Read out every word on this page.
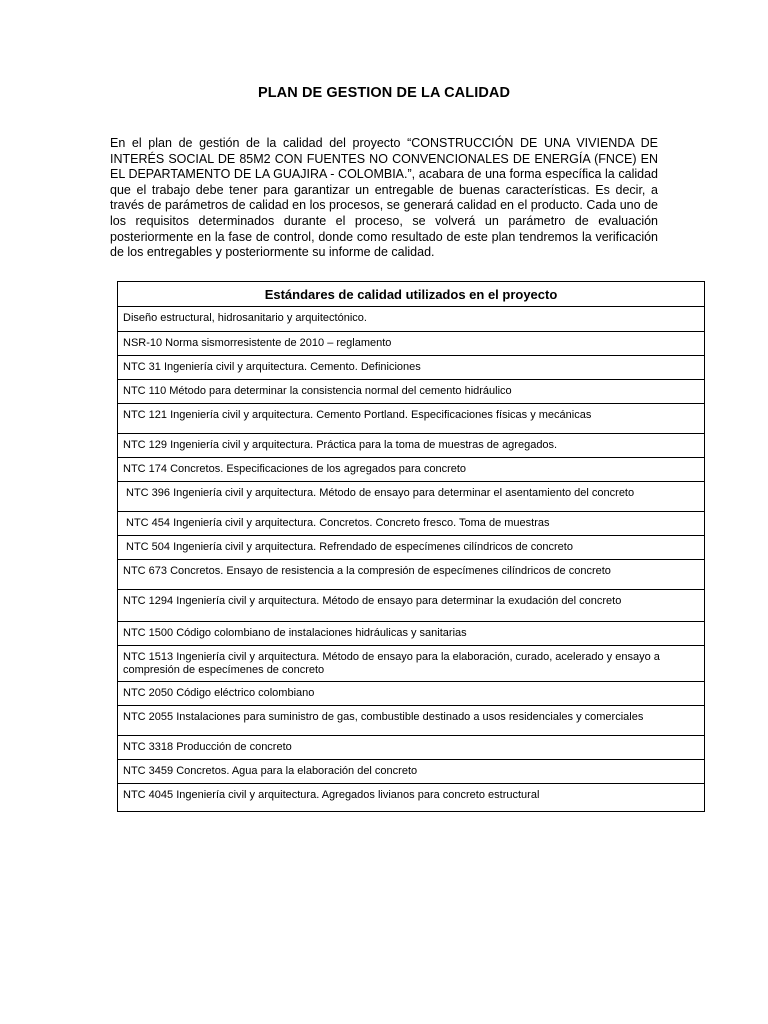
PLAN DE GESTION DE LA CALIDAD

En el plan de gestión de la calidad del proyecto “CONSTRUCCIÓN DE UNA VIVIENDA DE INTERÉS SOCIAL DE 85M2 CON FUENTES NO CONVENCIONALES DE ENERGÍA (FNCE) EN EL DEPARTAMENTO DE LA GUAJIRA - COLOMBIA.”, acabara de una forma específica la calidad que el trabajo debe tener para garantizar un entregable de buenas características. Es decir, a través de parámetros de calidad en los procesos, se generará calidad en el producto. Cada uno de los requisitos determinados durante el proceso, se volverá un parámetro de evaluación posteriormente en la fase de control, donde como resultado de este plan tendremos la verificación de los entregables y posteriormente su informe de calidad.

Estándares de calidad utilizados en el proyecto
Diseño estructural, hidrosanitario y arquitectónico.
NSR-10 Norma sismorresistente de 2010 – reglamento
NTC 31 Ingeniería civil y arquitectura. Cemento. Definiciones
NTC 110 Método para determinar la consistencia normal del cemento hidráulico
NTC 121 Ingeniería civil y arquitectura. Cemento Portland. Especificaciones físicas y mecánicas
NTC 129 Ingeniería civil y arquitectura. Práctica para la toma de muestras de agregados.
NTC 174 Concretos. Especificaciones de los agregados para concreto
NTC 396 Ingeniería civil y arquitectura. Método de ensayo para determinar el asentamiento del concreto
NTC 454 Ingeniería civil y arquitectura. Concretos. Concreto fresco. Toma de muestras
NTC 504 Ingeniería civil y arquitectura. Refrendado de especímenes cilíndricos de concreto
NTC 673 Concretos. Ensayo de resistencia a la compresión de especímenes cilíndricos de concreto
NTC 1294 Ingeniería civil y arquitectura. Método de ensayo para determinar la exudación del concreto
NTC 1500 Código colombiano de instalaciones hidráulicas y sanitarias
NTC 1513 Ingeniería civil y arquitectura. Método de ensayo para la elaboración, curado, acelerado y ensayo a compresión de especímenes de concreto
NTC 2050 Código eléctrico colombiano
NTC 2055 Instalaciones para suministro de gas, combustible destinado a usos residenciales y comerciales
NTC 3318 Producción de concreto
NTC 3459 Concretos. Agua para la elaboración del concreto
NTC 4045 Ingeniería civil y arquitectura. Agregados livianos para concreto estructural
